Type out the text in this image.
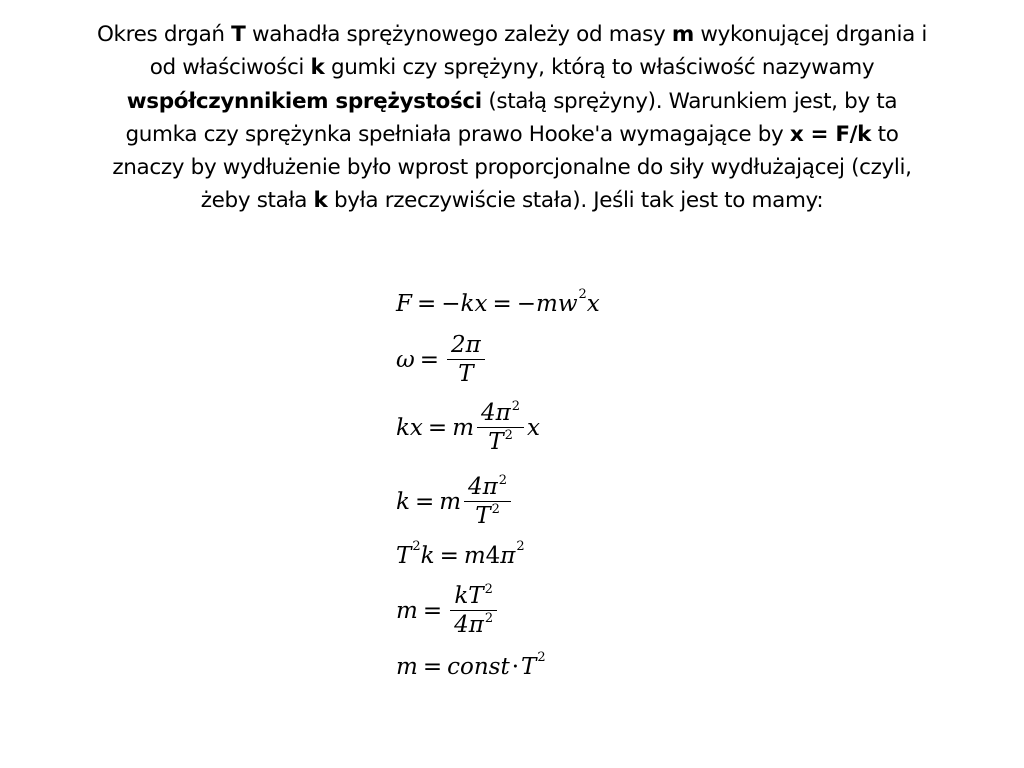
Okres drgań T wahadła sprężynowego zależy od masy m wykonującej drgania i od właściwości k gumki czy sprężyny, którą to właściwość nazywamy współczynnikiem sprężystości (stałą sprężyny). Warunkiem jest, by ta gumka czy sprężynka spełniała prawo Hooke'a wymagające by x = F/k to znaczy by wydłużenie było wprost proporcjonalne do siły wydłużającej (czyli, żeby stała k była rzeczywiście stała). Jeśli tak jest to mamy:
F = − kx = − mw 2 x
$\omega = \frac{2\pi}{T}$
kx = m $\frac{4\pi^2}{T^2}$ x
k = m $\frac{4\pi^2}{T^2}$
T 2 k = m 4 π 2
$m = \frac{kT^2}{4\pi^2}$
m = const · T 2
